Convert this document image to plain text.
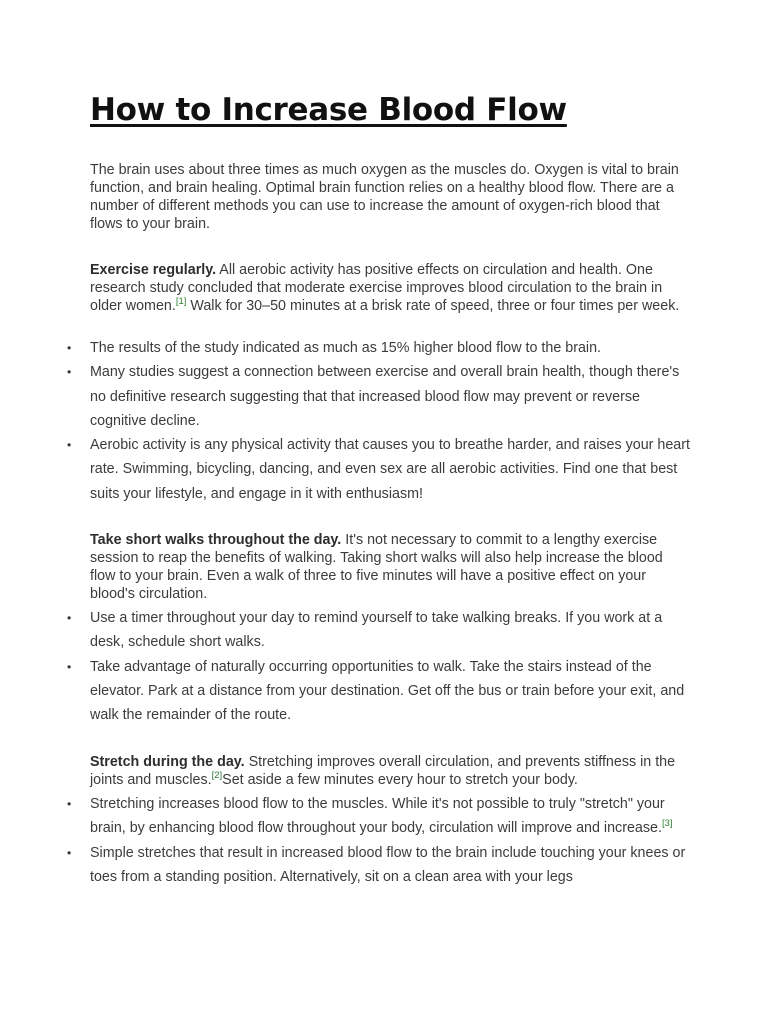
How to Increase Blood Flow

The brain uses about three times as much oxygen as the muscles do. Oxygen is vital to brain function, and brain healing. Optimal brain function relies on a healthy blood flow. There are a number of different methods you can use to increase the amount of oxygen-rich blood that flows to your brain.

Exercise regularly. All aerobic activity has positive effects on circulation and health. One research study concluded that moderate exercise improves blood circulation to the brain in older women.[1] Walk for 30–50 minutes at a brisk rate of speed, three or four times per week.

• The results of the study indicated as much as 15% higher blood flow to the brain.
• Many studies suggest a connection between exercise and overall brain health, though there's no definitive research suggesting that that increased blood flow may prevent or reverse cognitive decline.
• Aerobic activity is any physical activity that causes you to breathe harder, and raises your heart rate. Swimming, bicycling, dancing, and even sex are all aerobic activities. Find one that best suits your lifestyle, and engage in it with enthusiasm!

Take short walks throughout the day. It's not necessary to commit to a lengthy exercise session to reap the benefits of walking. Taking short walks will also help increase the blood flow to your brain. Even a walk of three to five minutes will have a positive effect on your blood's circulation.

• Use a timer throughout your day to remind yourself to take walking breaks. If you work at a desk, schedule short walks.
• Take advantage of naturally occurring opportunities to walk. Take the stairs instead of the elevator. Park at a distance from your destination. Get off the bus or train before your exit, and walk the remainder of the route.

Stretch during the day. Stretching improves overall circulation, and prevents stiffness in the joints and muscles.[2]Set aside a few minutes every hour to stretch your body.

• Stretching increases blood flow to the muscles. While it's not possible to truly "stretch" your brain, by enhancing blood flow throughout your body, circulation will improve and increase.[3]
• Simple stretches that result in increased blood flow to the brain include touching your knees or toes from a standing position. Alternatively, sit on a clean area with your legs
